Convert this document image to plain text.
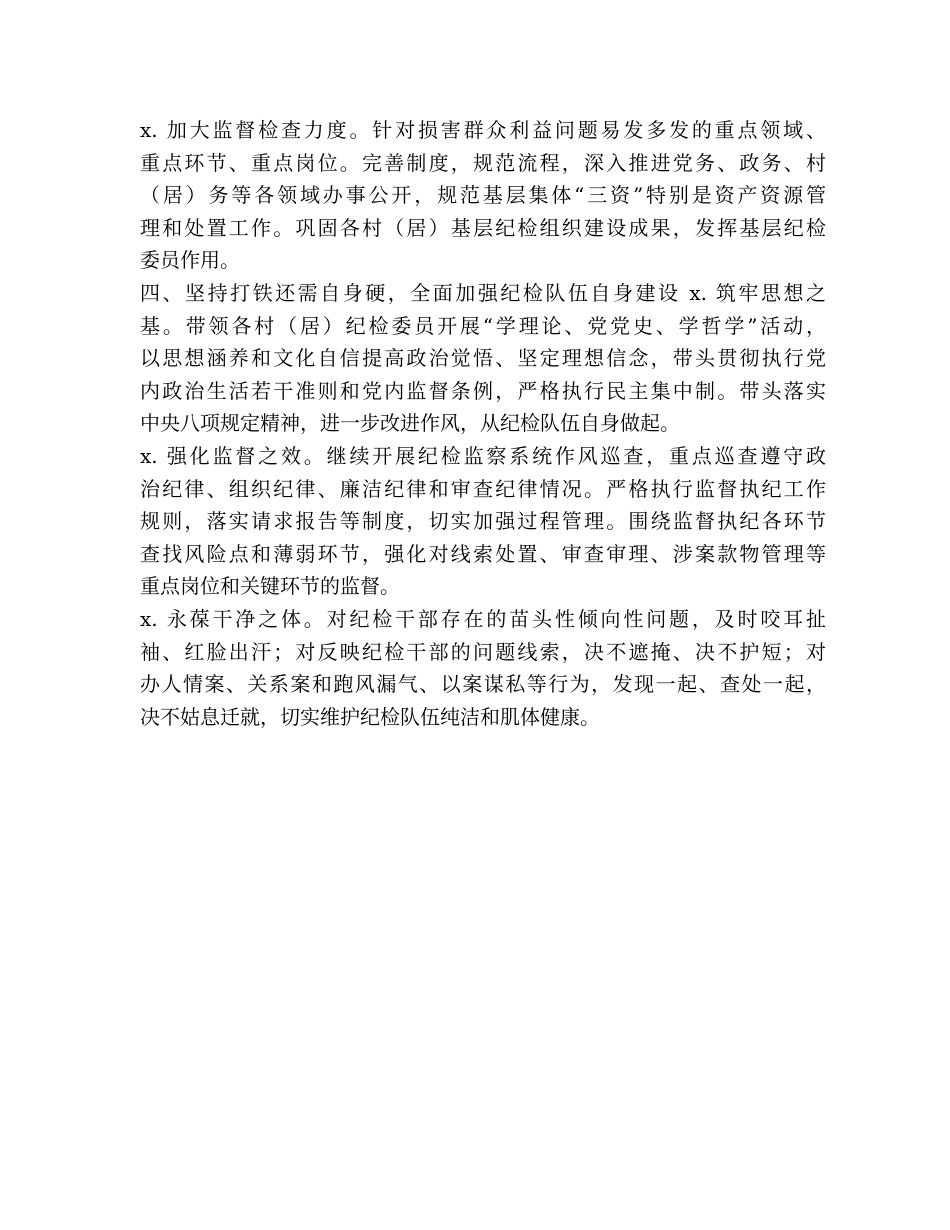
x. 加大监督检查力度。针对损害群众利益问题易发多发的重点领域、
重点环节、重点岗位。完善制度，规范流程，深入推进党务、政务、村
（居）务等各领域办事公开，规范基层集体“三资”特别是资产资源管
理和处置工作。巩固各村（居）基层纪检组织建设成果，发挥基层纪检
委员作用。
四、坚持打铁还需自身硬，全面加强纪检队伍自身建设 x. 筑牢思想之
基。带领各村（居）纪检委员开展“学理论、党党史、学哲学”活动，
以思想涵养和文化自信提高政治觉悟、坚定理想信念，带头贯彻执行党
内政治生活若干准则和党内监督条例，严格执行民主集中制。带头落实
中央八项规定精神，进一步改进作风，从纪检队伍自身做起。
x. 强化监督之效。继续开展纪检监察系统作风巡查，重点巡查遵守政
治纪律、组织纪律、廉洁纪律和审查纪律情况。严格执行监督执纪工作
规则，落实请求报告等制度，切实加强过程管理。围绕监督执纪各环节
查找风险点和薄弱环节，强化对线索处置、审查审理、涉案款物管理等
重点岗位和关键环节的监督。
x. 永葆干净之体。对纪检干部存在的苗头性倾向性问题，及时咬耳扯
袖、红脸出汗；对反映纪检干部的问题线索，决不遮掩、决不护短；对
办人情案、关系案和跑风漏气、以案谋私等行为，发现一起、查处一起，
决不姑息迁就，切实维护纪检队伍纯洁和肌体健康。
